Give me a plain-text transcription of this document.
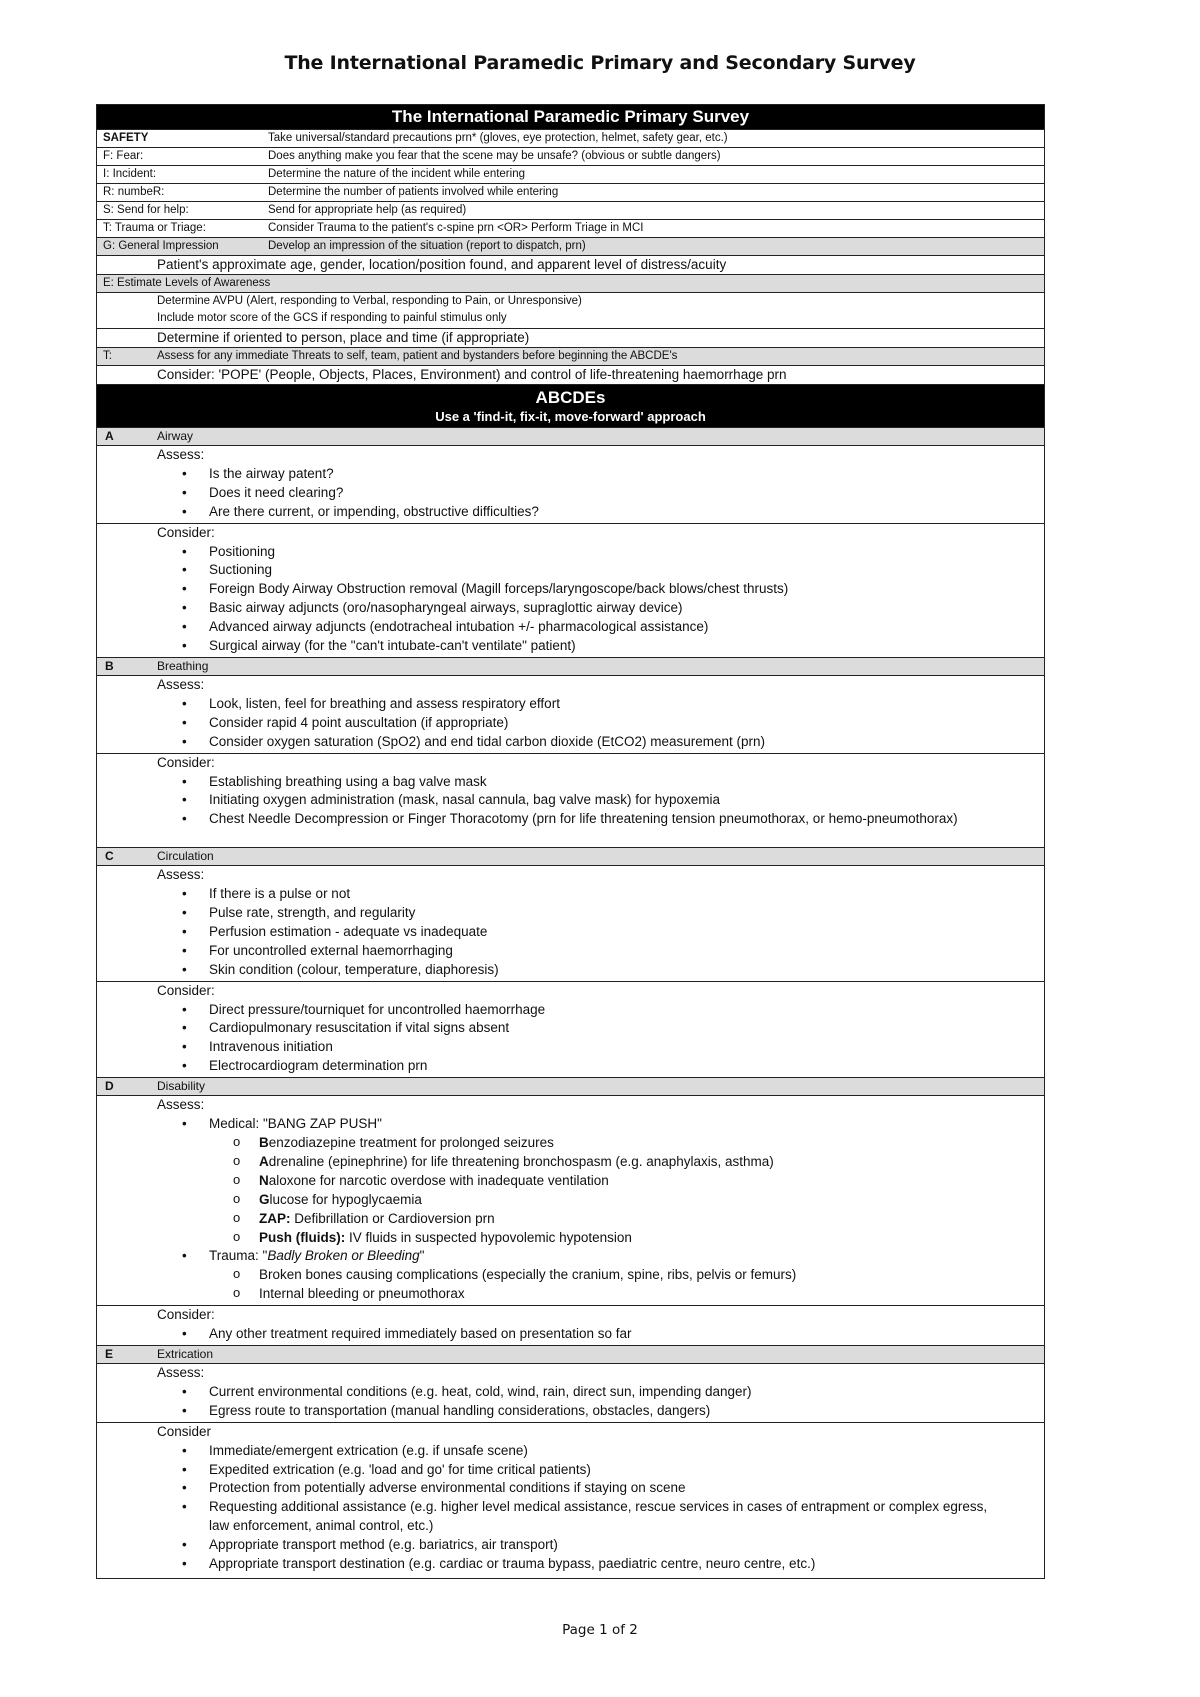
The International Paramedic Primary and Secondary Survey
The International Paramedic Primary Survey
SAFETY	Take universal/standard precautions prn* (gloves, eye protection, helmet, safety gear, etc.)
F: Fear:	Does anything make you fear that the scene may be unsafe? (obvious or subtle dangers)
I: Incident:	Determine the nature of the incident while entering
R: numbeR:	Determine the number of patients involved while entering
S: Send for help:	Send for appropriate help (as required)
T: Trauma or Triage:	Consider Trauma to the patient's c-spine prn <OR> Perform Triage in MCI
G: General Impression	Develop an impression of the situation (report to dispatch, prn)
Patient's approximate age, gender, location/position found, and apparent level of distress/acuity
E: Estimate Levels of Awareness
Determine AVPU (Alert, responding to Verbal, responding to Pain, or Unresponsive)
Include motor score of the GCS if responding to painful stimulus only
Determine if oriented to person, place and time (if appropriate)
T:	Assess for any immediate Threats to self, team, patient and bystanders before beginning the ABCDE's
Consider: 'POPE' (People, Objects, Places, Environment) and control of life-threatening haemorrhage prn
ABCDEs
Use a 'find-it, fix-it, move-forward' approach
A	Airway
Assess:
• Is the airway patent?
• Does it need clearing?
• Are there current, or impending, obstructive difficulties?
Consider:
• Positioning
• Suctioning
• Foreign Body Airway Obstruction removal (Magill forceps/laryngoscope/back blows/chest thrusts)
• Basic airway adjuncts (oro/nasopharyngeal airways, supraglottic airway device)
• Advanced airway adjuncts (endotracheal intubation +/- pharmacological assistance)
• Surgical airway (for the "can't intubate-can't ventilate" patient)
B	Breathing
Assess:
• Look, listen, feel for breathing and assess respiratory effort
• Consider rapid 4 point auscultation (if appropriate)
• Consider oxygen saturation (SpO2) and end tidal carbon dioxide (EtCO2) measurement (prn)
Consider:
• Establishing breathing using a bag valve mask
• Initiating oxygen administration (mask, nasal cannula, bag valve mask) for hypoxemia
• Chest Needle Decompression or Finger Thoracotomy (prn for life threatening tension pneumothorax, or hemo-pneumothorax)
C	Circulation
Assess:
• If there is a pulse or not
• Pulse rate, strength, and regularity
• Perfusion estimation - adequate vs inadequate
• For uncontrolled external haemorrhaging
• Skin condition (colour, temperature, diaphoresis)
Consider:
• Direct pressure/tourniquet for uncontrolled haemorrhage
• Cardiopulmonary resuscitation if vital signs absent
• Intravenous initiation
• Electrocardiogram determination prn
D	Disability
Assess:
• Medical: "BANG ZAP PUSH"
o Benzodiazepine treatment for prolonged seizures
o Adrenaline (epinephrine) for life threatening bronchospasm (e.g. anaphylaxis, asthma)
o Naloxone for narcotic overdose with inadequate ventilation
o Glucose for hypoglycaemia
o ZAP: Defibrillation or Cardioversion prn
o Push (fluids): IV fluids in suspected hypovolemic hypotension
• Trauma: "Badly Broken or Bleeding"
o Broken bones causing complications (especially the cranium, spine, ribs, pelvis or femurs)
o Internal bleeding or pneumothorax
Consider:
• Any other treatment required immediately based on presentation so far
E	Extrication
Assess:
• Current environmental conditions (e.g. heat, cold, wind, rain, direct sun, impending danger)
• Egress route to transportation (manual handling considerations, obstacles, dangers)
Consider
• Immediate/emergent extrication (e.g. if unsafe scene)
• Expedited extrication (e.g. 'load and go' for time critical patients)
• Protection from potentially adverse environmental conditions if staying on scene
• Requesting additional assistance (e.g. higher level medical assistance, rescue services in cases of entrapment or complex egress, law enforcement, animal control, etc.)
• Appropriate transport method (e.g. bariatrics, air transport)
• Appropriate transport destination (e.g. cardiac or trauma bypass, paediatric centre, neuro centre, etc.)
Page 1 of 2
